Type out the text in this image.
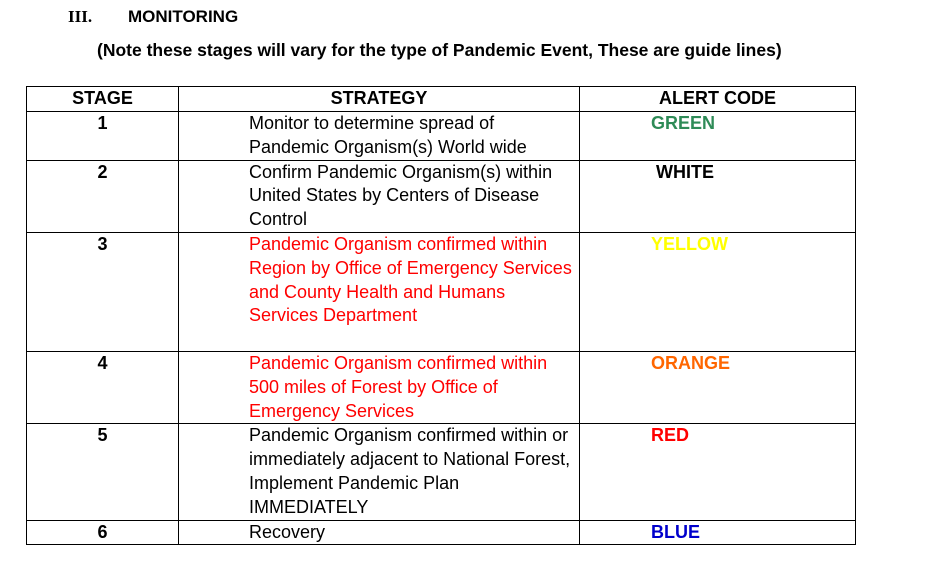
III. MONITORING
(Note these stages will vary for the type of Pandemic Event, These are guide lines)
STAGE	STRATEGY	ALERT CODE
1	Monitor to determine spread of Pandemic Organism(s) World wide	GREEN
2	Confirm Pandemic Organism(s) within United States by Centers of Disease Control	WHITE
3	Pandemic Organism confirmed within Region by Office of Emergency Services and County Health and Humans Services Department	YELLOW
4	Pandemic Organism confirmed within 500 miles of Forest by Office of Emergency Services	ORANGE
5	Pandemic Organism confirmed within or immediately adjacent to National Forest, Implement Pandemic Plan IMMEDIATELY	RED
6	Recovery	BLUE
